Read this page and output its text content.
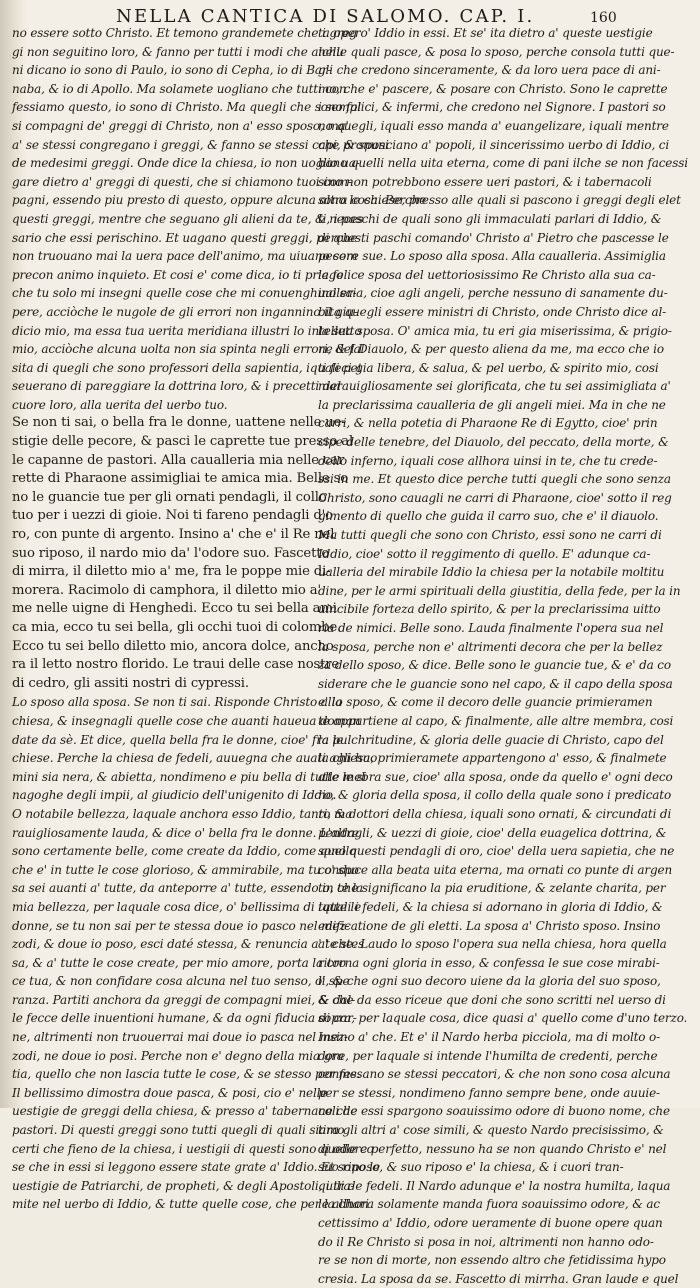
NELLA CANTICA DI SALOMO. CAP. I.	160

no essere sotto Christo. Et temono grandemete che i greg

gi non seguitino loro, & fanno per tutti i modi che alchu

ni dicano io sono di Paulo, io sono di Cepha, io di Bar-

naba, & io di Apollo. Ma solamete uogliano che tutti con

fessiamo questo, io sono di Christo. Ma quegli che sono fal

si compagni de' greggi di Christo, non a' esso sposo, ma'

a' se stessi congregano i greggi, & fanno se stessi capi, & sposi

de medesimi greggi. Onde dice la chiesa, io non uoglio ua-

gare dietro a' greggi di questi, che si chiamono tuoi com-

pagni, essendo piu presto di questo, oppure alcuna altra cosa. Perche

questi greggi, mentre che seguano gli alieni da te, & neces

sario che essi perischino. Et uagano questi greggi, perche

non truouano mai la uera pace dell'animo, ma uiuano sem

precon animo inquieto. Et cosi e' come dica, io ti priego

che tu solo mi insegni quelle cose che mi conuenghino sa-

pere, acciòche le nugole de gli errori non ingannino il giu-

dicio mio, ma essa tua uerita meridiana illustri lo intelletto

mio, acciòche alcuna uolta non sia spinta negli errori, & fal

sita di quegli che sono professori della sapientia, iquali pet

seuerano di pareggiare la dottrina loro, & i precetti del

cuore loro, alla uerita del uerbo tuo.

Se non ti sai, o bella fra le donne, uattene nelle ue-

stigie delle pecore, & pasci le caprette tue presso al

le capanne de pastori. Alla caualleria mia nelle car

rette di Pharaone assimigliai te amica mia. Belle so

no le guancie tue per gli ornati pendagli, il collo

tuo per i uezzi di gioie. Noi ti fareno pendagli d'o

ro, con punte di argento. Insino a' che e' il Re nel

suo riposo, il nardo mio da' l'odore suo. Fascetto

di mirra, il diletto mio a' me, fra le poppe mie di-

morera. Racimolo di camphora, il diletto mio a'

me nelle uigne di Henghedi. Ecco tu sei bella ami

ca mia, ecco tu sei bella, gli occhi tuoi di colombe.

Ecco tu sei bello diletto mio, ancora dolce, ancho

ra il letto nostro florido. Le traui delle case nostre

di cedro, gli assiti nostri di cypressi.

Lo sposo alla sposa. Se non ti sai. Risponde Christo alla

chiesa, & insegnagli quelle cose che auanti haueua doman

date da sè. Et dice, quella bella fra le donne, cioe' fra le

chiese. Perche la chiesa de fedeli, auuegna che auati agli huo

mini sia nera, & abietta, nondimeno e piu bella di tutte le si

nagoghe degli impii, al giudicio dell'unigenito di Iddio.

O notabile bellezza, laquale anchora esso Iddio, tanto ma

rauigliosamente lauda, & dice o' bella fra le donne. L'altre

sono certamente belle, come create da Iddio, come quello

che e' in tutte le cose glorioso, & ammirabile, ma tu o' spo

sa sei auanti a' tutte, da anteporre a' tutte, essendo in te la

mia bellezza, per laquale cosa dice, o' bellissima di tutte le

donne, se tu non sai per te stessa doue io pasco nel mez-

zodi, & doue io poso, esci daté stessa, & renuncia a' te stes

sa, & a' tutte le cose create, per mio amore, porta la cro

ce tua, & non confidare cosa alcuna nel tuo senso, o' spe

ranza. Partiti anchora da greggi de compagni miei, & dal-

le fecce delle inuentioni humane, & da ogni fiducia di car-

ne, altrimenti non truouerrai mai doue io pasca nel mez-

zodi, ne doue io posi. Perche non e' degno della mia gra

tia, quello che non lascia tutte le cose, & se stesso per me.

Il bellissimo dimostra doue pasca, & posi, cio e' nelle

uestigie de greggi della chiesa, & presso a' tabernacoli de

pastori. Di questi greggi sono tutti quegli di quali siamo

certi che fieno de la chiesa, i uestigii di questi sono quelle co

se che in essi si leggono essere state grate a' Iddio. Et sono le

uestigie de Patriarchi, de propheti, & degli Apostoli, i tra-

mite nel uerbo di Iddio, & tutte quelle cose, che per la chari

ta opero' Iddio in essi. Et se' ita dietro a' queste uestigie

nelle quali pasce, & posa lo sposo, perche consola tutti que-

gli che credono sinceramente, & da loro uera pace di ani-

mo, che e' pascere, & posare con Christo. Sono le caprette

i semplici, & infermi, che credono nel Signore. I pastori so

no quegli, iquali esso manda a' euangelizare, iquali mentre

che pronunciano a' popoli, il sincerissimo uerbo di Iddio, ci

bano quelli nella uita eterna, come di pani ilche se non facessi

sino non potrebbono essere ueri pastori, & i tabernacoli

sono le chiese, presso alle quali si pascono i greggi degli elet

ti, i paschi de quali sono gli immaculati parlari di Iddio, &

di questi paschi comando' Christo a' Pietro che pascesse le

pecore sue. Lo sposo alla sposa. Alla caualleria. Assimiglia

la felice sposa del uettoriosissimo Re Christo alla sua ca-

ualleria, cioe agli angeli, perche nessuno di sanamente du-

bita quegli essere ministri di Christo, onde Christo dice al-

la sua sposa. O' amica mia, tu eri gia miserissima, & prigio-

ne del Diauolo, & per questo aliena da me, ma ecco che io

ti feci gia libera, & salua, & pel uerbo, & spirito mio, cosi

marauigliosamente sei glorificata, che tu sei assimigliata a'

la preclarissima caualleria de gli angeli miei. Ma in che ne

carri, & nella potetia di Pharaone Re di Egytto, cioe' prin

cipe delle tenebre, del Diauolo, del peccato, della morte, &

dello inferno, iquali cose allhora uinsi in te, che tu crede-

ssi in me. Et questo dice perche tutti quegli che sono senza

Christo, sono cauagli ne carri di Pharaone, cioe' sotto il reg

gimento di quello che guida il carro suo, che e' il diauolo.

Ma tutti quegli che sono con Christo, essi sono ne carri di

Iddio, cioe' sotto il reggimento di quello. E' adunque ca-

ualleria del mirabile Iddio la chiesa per la notabile moltitu

dine, per le armi spirituali della giustitia, della fede, per la in

uincibile forteza dello spirito, & per la preclarissima uitto

ria de nimici. Belle sono. Lauda finalmente l'opera sua nel

la sposa, perche non e' altrimenti decora che per la bellez

za dello sposo, & dice. Belle sono le guancie tue, & e' da co

siderare che le guancie sono nel capo, & il capo della sposa

e' lo sposo, & come il decoro delle guancie primieramen

te appartiene al capo, & finalmente, alle altre membra, cosi

la pulchritudine, & gloria delle guacie di Christo, capo del

la chiesa, primieramete appartengono a' esso, & finalmete

alle mebra sue, cioe' alla sposa, onde da quello e' ogni deco

ro, & gloria della sposa, il collo della quale sono i predicato

ri, & dottori della chiesa, iquali sono ornati, & circundati di

pendagli, & uezzi di gioie, cioe' della euagelica dottrina, &

sono questi pendagli di oro, cioe' della uera sapietia, che ne

conduce alla beata uita eterna, ma ornati co punte di argen

to, che significano la pia eruditione, & zelante charita, per

iquali i fedeli, & la chiesa si adornano in gloria di Iddio, &

edificatione de gli eletti. La sposa a' Christo sposo. Insino

a' che. Laudo lo sposo l'opera sua nella chiesa, hora quella

ritorna ogni gloria in esso, & confessa le sue cose mirabi-

li, & che ogni suo decoro uiene da la gloria del suo sposo,

& che da esso riceue que doni che sono scritti nel uerso di

sopra, per laquale cosa, dice quasi a' quello come d'uno terzo.

Insino a' che. Et e' il Nardo herba picciola, ma di molto o-

dore, per laquale si intende l'humilta de credenti, perche

confessano se stessi peccatori, & che non sono cosa alcuna

per se stessi, nondimeno fanno sempre bene, onde auuie-

ne che essi spargono soauissimo odore di buono nome, che

tira gli altri a' cose simili, & questo Nardo precisissimo, &

di odore perfetto, nessuno ha se non quando Christo e' nel

suo riposo, & suo riposo e' la chiesa, & i cuori tran-

quili de fedeli. Il Nardo adunque e' la nostra humilta, laqua

le allhora solamente manda fuora soauissimo odore, & ac

cettissimo a' Iddio, odore ueramente di buone opere quan

do il Re Christo si posa in noi, altrimenti non hanno odo-

re se non di morte, non essendo altro che fetidissima hypo

cresia. La sposa da se. Fascetto di mirrha. Gran laude e quel
